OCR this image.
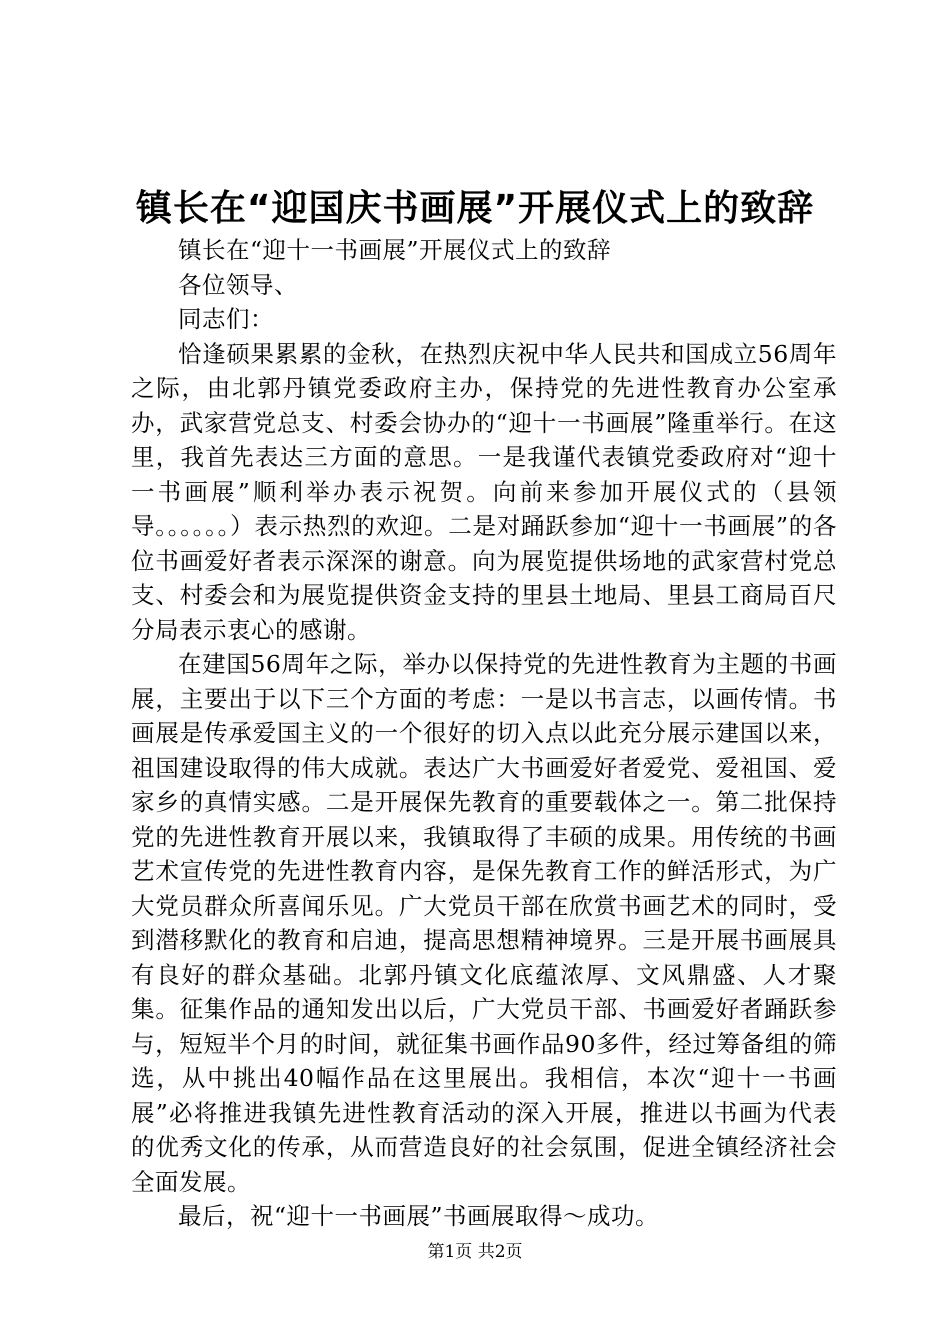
镇长在“迎国庆书画展”开展仪式上的致辞

镇长在“迎十一书画展”开展仪式上的致辞

各位领导、

同志们：

恰逢硕果累累的金秋，在热烈庆祝中华人民共和国成立56周年之际，由北郭丹镇党委政府主办，保持党的先进性教育办公室承办，武家营党总支、村委会协办的“迎十一书画展”隆重举行。在这里，我首先表达三方面的意思。一是我谨代表镇党委政府对“迎十一书画展”顺利举办表示祝贺。向前来参加开展仪式的（县领导。。。。。。）表示热烈的欢迎。二是对踊跃参加“迎十一书画展”的各位书画爱好者表示深深的谢意。向为展览提供场地的武家营村党总支、村委会和为展览提供资金支持的里县土地局、里县工商局百尺分局表示衷心的感谢。

在建国56周年之际，举办以保持党的先进性教育为主题的书画展，主要出于以下三个方面的考虑：一是以书言志，以画传情。书画展是传承爱国主义的一个很好的切入点以此充分展示建国以来，祖国建设取得的伟大成就。表达广大书画爱好者爱党、爱祖国、爱家乡的真情实感。二是开展保先教育的重要载体之一。第二批保持党的先进性教育开展以来，我镇取得了丰硕的成果。用传统的书画艺术宣传党的先进性教育内容，是保先教育工作的鲜活形式，为广大党员群众所喜闻乐见。广大党员干部在欣赏书画艺术的同时，受到潜移默化的教育和启迪，提高思想精神境界。三是开展书画展具有良好的群众基础。北郭丹镇文化底蕴浓厚、文风鼎盛、人才聚集。征集作品的通知发出以后，广大党员干部、书画爱好者踊跃参与，短短半个月的时间，就征集书画作品90多件，经过筹备组的筛选，从中挑出40幅作品在这里展出。我相信，本次“迎十一书画展”必将推进我镇先进性教育活动的深入开展，推进以书画为代表的优秀文化的传承，从而营造良好的社会氛围，促进全镇经济社会全面发展。

最后，祝“迎十一书画展”书画展取得～成功。

第1页 共2页
